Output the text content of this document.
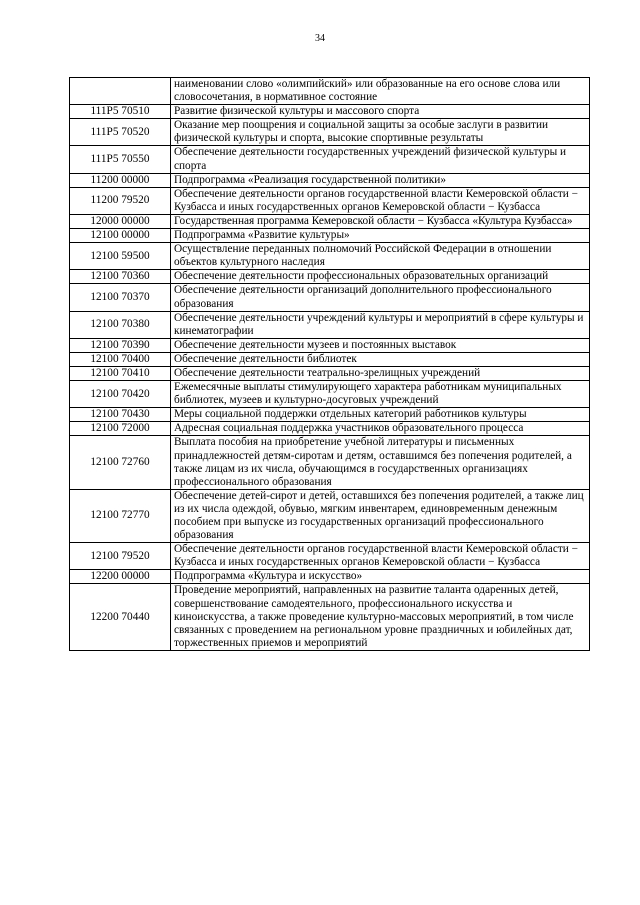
34
	наименовании слово «олимпийский» или образованные на его основе слова или словосочетания, в нормативное состояние
111Р5 70510	Развитие физической культуры и массового спорта
111Р5 70520	Оказание мер поощрения и социальной защиты за особые заслуги в развитии физической культуры и спорта, высокие спортивные результаты
111Р5 70550	Обеспечение деятельности государственных учреждений физической культуры и спорта
11200 00000	Подпрограмма «Реализация государственной политики»
11200 79520	Обеспечение деятельности органов государственной власти Кемеровской области − Кузбасса и иных государственных органов Кемеровской области − Кузбасса
12000 00000	Государственная программа Кемеровской области − Кузбасса «Культура Кузбасса»
12100 00000	Подпрограмма «Развитие культуры»
12100 59500	Осуществление переданных полномочий Российской Федерации в отношении объектов культурного наследия
12100 70360	Обеспечение деятельности профессиональных образовательных организаций
12100 70370	Обеспечение деятельности организаций дополнительного профессионального образования
12100 70380	Обеспечение деятельности учреждений культуры и мероприятий в сфере культуры и кинематографии
12100 70390	Обеспечение деятельности музеев и постоянных выставок
12100 70400	Обеспечение деятельности библиотек
12100 70410	Обеспечение деятельности театрально-зрелищных учреждений
12100 70420	Ежемесячные выплаты стимулирующего характера работникам муниципальных библиотек, музеев и культурно-досуговых учреждений
12100 70430	Меры социальной поддержки отдельных категорий работников культуры
12100 72000	Адресная социальная поддержка участников образовательного процесса
12100 72760	Выплата пособия на приобретение учебной литературы и письменных принадлежностей детям-сиротам и детям, оставшимся без попечения родителей, а также лицам из их числа, обучающимся в государственных организациях профессионального образования
12100 72770	Обеспечение детей-сирот и детей, оставшихся без попечения родителей, а также лиц из их числа одеждой, обувью, мягким инвентарем, единовременным денежным пособием при выпуске из государственных организаций профессионального образования
12100 79520	Обеспечение деятельности органов государственной власти Кемеровской области − Кузбасса и иных государственных органов Кемеровской области − Кузбасса
12200 00000	Подпрограмма «Культура и искусство»
12200 70440	Проведение мероприятий, направленных на развитие таланта одаренных детей, совершенствование самодеятельного, профессионального искусства и киноискусства, а также проведение культурно-массовых мероприятий, в том числе связанных с проведением на региональном уровне праздничных и юбилейных дат, торжественных приемов и мероприятий
